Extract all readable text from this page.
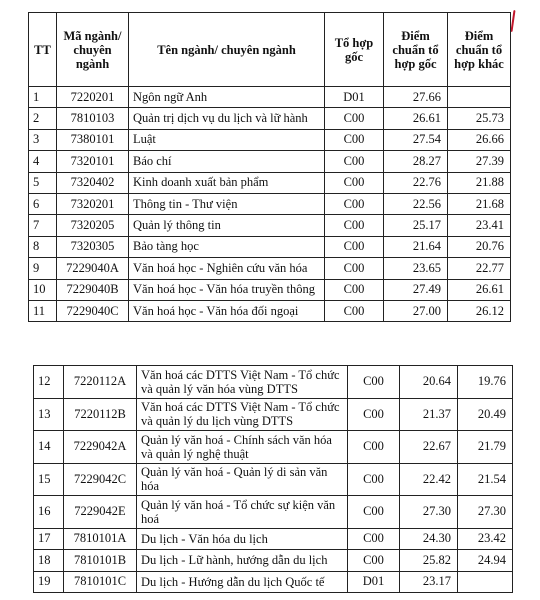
TT	Mã ngành/ chuyên ngành	Tên ngành/ chuyên ngành	Tổ hợp gốc	Điểm chuẩn tổ hợp gốc	Điểm chuẩn tổ hợp khác
1	7220201	Ngôn ngữ Anh	D01	27.66	
2	7810103	Quản trị dịch vụ du lịch và lữ hành	C00	26.61	25.73
3	7380101	Luật	C00	27.54	26.66
4	7320101	Báo chí	C00	28.27	27.39
5	7320402	Kinh doanh xuất bản phẩm	C00	22.76	21.88
6	7320201	Thông tin - Thư viện	C00	22.56	21.68
7	7320205	Quản lý thông tin	C00	25.17	23.41
8	7320305	Bảo tàng học	C00	21.64	20.76
9	7229040A	Văn hoá học - Nghiên cứu văn hóa	C00	23.65	22.77
10	7229040B	Văn hoá học - Văn hóa truyền thông	C00	27.49	26.61
11	7229040C	Văn hoá học - Văn hóa đối ngoại	C00	27.00	26.12
12	7220112A	Văn hoá các DTTS Việt Nam - Tổ chức và quản lý văn hóa vùng DTTS	C00	20.64	19.76
13	7220112B	Văn hoá các DTTS Việt Nam - Tổ chức và quản lý du lịch vùng DTTS	C00	21.37	20.49
14	7229042A	Quản lý văn hoá - Chính sách văn hóa và quản lý nghệ thuật	C00	22.67	21.79
15	7229042C	Quản lý văn hoá - Quản lý di sản văn hóa	C00	22.42	21.54
16	7229042E	Quản lý văn hoá - Tổ chức sự kiện văn hoá	C00	27.30	27.30
17	7810101A	Du lịch - Văn hóa du lịch	C00	24.30	23.42
18	7810101B	Du lịch - Lữ hành, hướng dẫn du lịch	C00	25.82	24.94
19	7810101C	Du lịch - Hướng dẫn du lịch Quốc tế	D01	23.17	
